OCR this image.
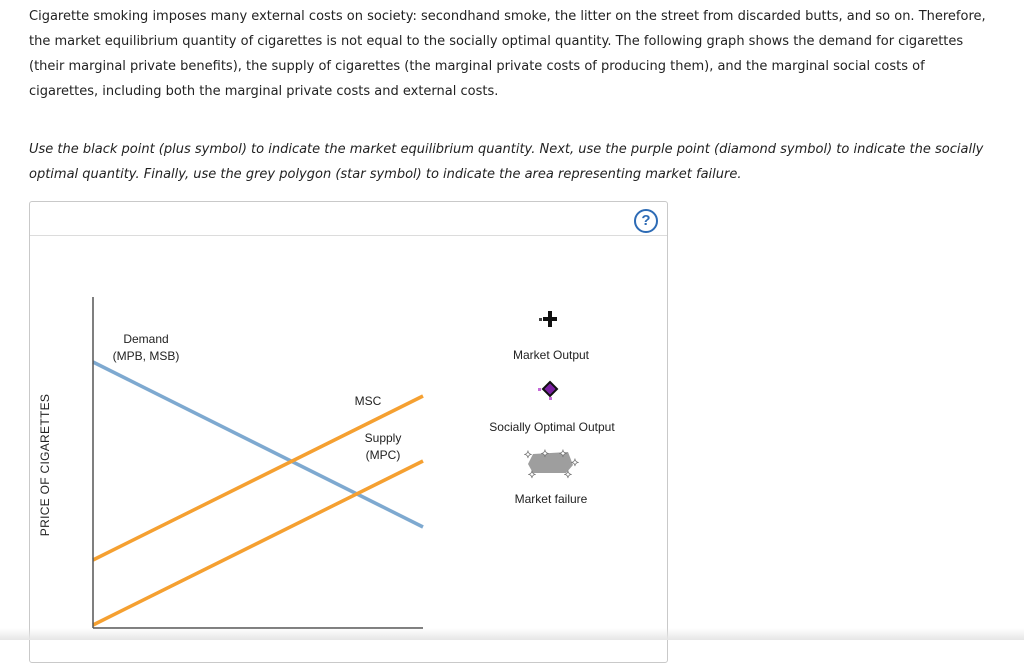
Cigarette smoking imposes many external costs on society: secondhand smoke, the litter on the street from discarded butts, and so on. Therefore, the market equilibrium quantity of cigarettes is not equal to the socially optimal quantity. The following graph shows the demand for cigarettes (their marginal private benefits), the supply of cigarettes (the marginal private costs of producing them), and the marginal social costs of cigarettes, including both the marginal private costs and external costs.

Use the black point (plus symbol) to indicate the market equilibrium quantity. Next, use the purple point (diamond symbol) to indicate the socially optimal quantity. Finally, use the grey polygon (star symbol) to indicate the area representing market failure.

?
PRICE OF CIGARETTES
Demand
(MPB, MSB)
MSC
Supply
(MPC)
Market Output
Socially Optimal Output
✦ ✦ ✦
✦
✦	✦
Market failure
